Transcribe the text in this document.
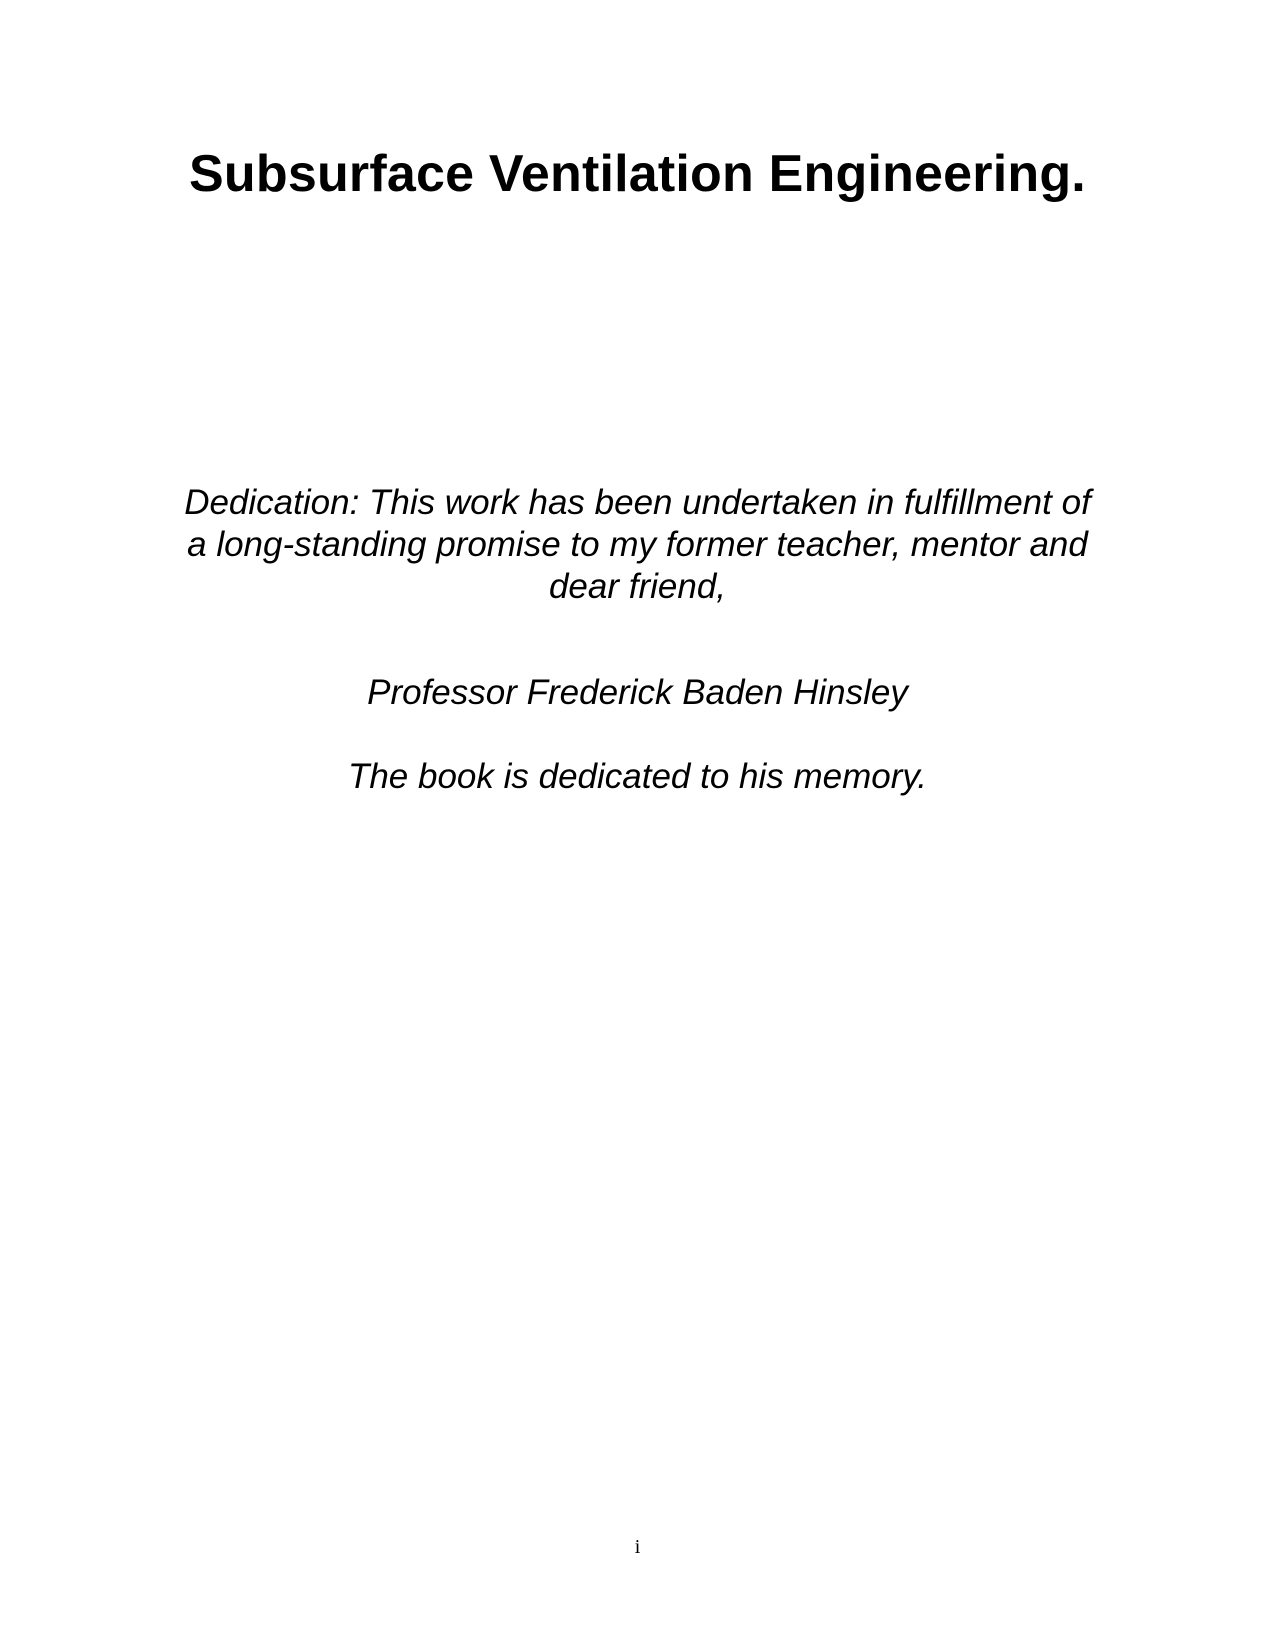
Subsurface Ventilation Engineering.

Dedication: This work has been undertaken in fulfillment of
a long-standing promise to my former teacher, mentor and
dear friend,

Professor Frederick Baden Hinsley

The book is dedicated to his memory.

i
